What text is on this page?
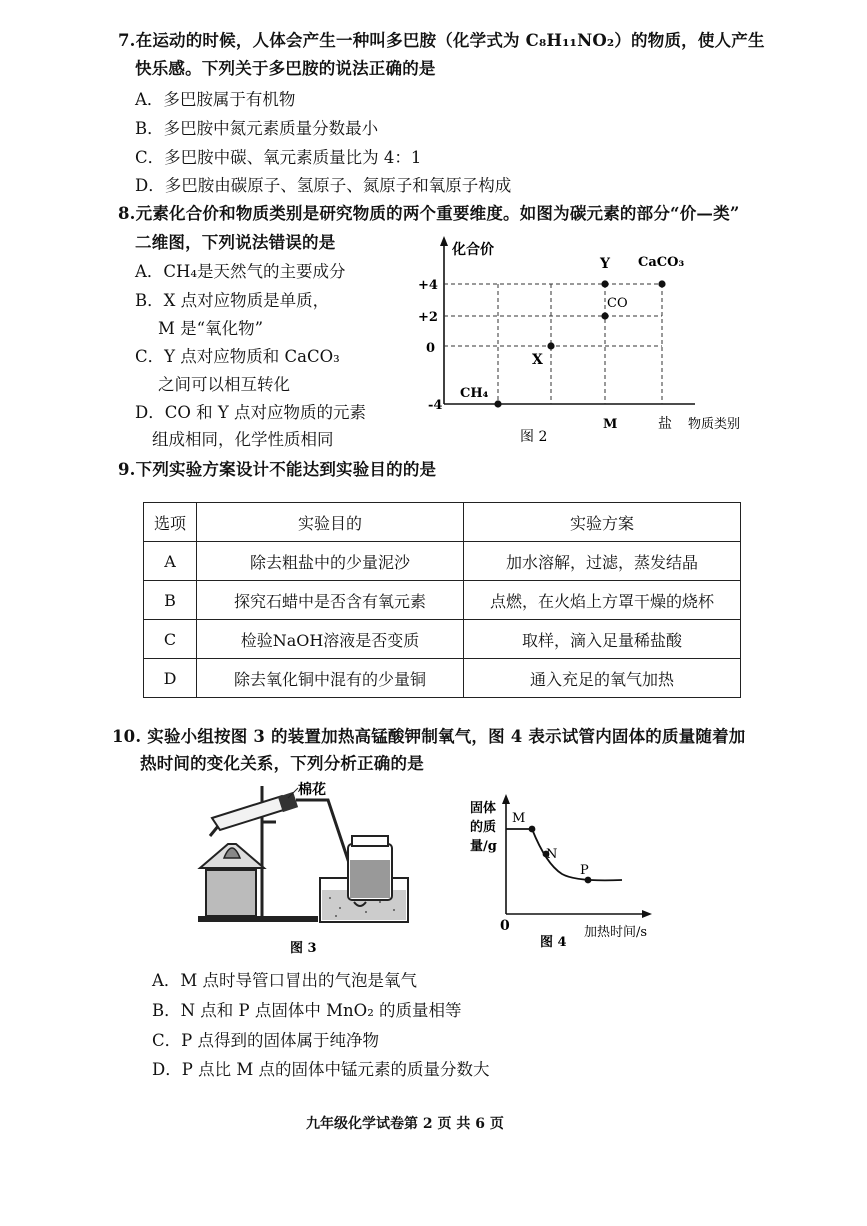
7.在运动的时候，人体会产生一种叫多巴胺（化学式为 C₈H₁₁NO₂）的物质，使人产生
快乐感。下列关于多巴胺的说法正确的是
A．多巴胺属于有机物
B．多巴胺中氮元素质量分数最小
C．多巴胺中碳、氧元素质量比为 4：1
D．多巴胺由碳原子、氢原子、氮原子和氧原子构成
8.元素化合价和物质类别是研究物质的两个重要维度。如图为碳元素的部分“价—类”
二维图，下列说法错误的是
A．CH₄是天然气的主要成分
B．X 点对应物质是单质，
M 是“氧化物”
C．Y 点对应物质和 CaCO₃
之间可以相互转化
D．CO 和 Y 点对应物质的元素
组成相同，化学性质相同
化合价
+4
+2
0
-4
CH₄
X
CO
Y CaCO₃
M	盐 物质类别
图 2
9.下列实验方案设计不能达到实验目的的是
选项	实验目的	实验方案
A	除去粗盐中的少量泥沙	加水溶解，过滤，蒸发结晶
B	探究石蜡中是否含有氧元素	点燃，在火焰上方罩干燥的烧杯
C	检验NaOH溶液是否变质	取样，滴入足量稀盐酸
D	除去氧化铜中混有的少量铜	通入充足的氧气加热
10. 实验小组按图 3 的装置加热高锰酸钾制氧气，图 4 表示试管内固体的质量随着加
热时间的变化关系，下列分析正确的是
棉花
图 3
固体
的质
量/g
M
N
P
0
图 4
加热时间/s
A．M 点时导管口冒出的气泡是氧气
B．N 点和 P 点固体中 MnO₂ 的质量相等
C．P 点得到的固体属于纯净物
D．P 点比 M 点的固体中锰元素的质量分数大
九年级化学试卷第 2 页 共 6 页
